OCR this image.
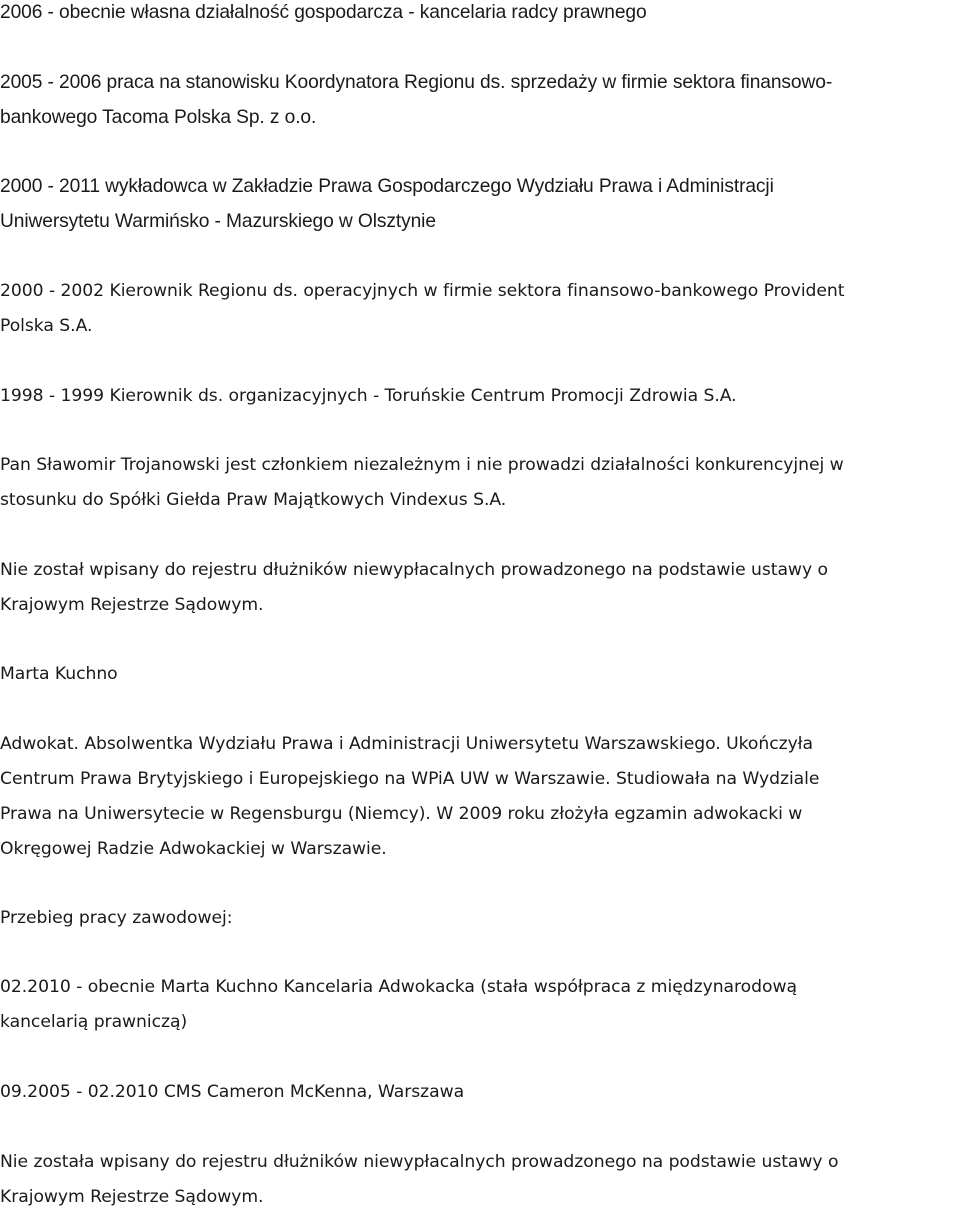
2006 - obecnie własna działalność gospodarcza - kancelaria radcy prawnego

2005 - 2006 praca na stanowisku Koordynatora Regionu ds. sprzedaży w firmie sektora finansowo-
bankowego Tacoma Polska Sp. z o.o.

2000 - 2011 wykładowca w Zakładzie Prawa Gospodarczego Wydziału Prawa i Administracji
Uniwersytetu Warmińsko - Mazurskiego w Olsztynie

2000 - 2002 Kierownik Regionu ds. operacyjnych w firmie sektora finansowo-bankowego Provident
Polska S.A.

1998 - 1999 Kierownik ds. organizacyjnych - Toruńskie Centrum Promocji Zdrowia S.A.

Pan Sławomir Trojanowski jest członkiem niezależnym i nie prowadzi działalności konkurencyjnej w
stosunku do Spółki Giełda Praw Majątkowych Vindexus S.A.

Nie został wpisany do rejestru dłużników niewypłacalnych prowadzonego na podstawie ustawy o
Krajowym Rejestrze Sądowym.

Marta Kuchno

Adwokat. Absolwentka Wydziału Prawa i Administracji Uniwersytetu Warszawskiego. Ukończyła
Centrum Prawa Brytyjskiego i Europejskiego na WPiA UW w Warszawie. Studiowała na Wydziale
Prawa na Uniwersytecie w Regensburgu (Niemcy). W 2009 roku złożyła egzamin adwokacki w
Okręgowej Radzie Adwokackiej w Warszawie.

Przebieg pracy zawodowej:

02.2010 - obecnie Marta Kuchno Kancelaria Adwokacka (stała współpraca z międzynarodową
kancelarią prawniczą)

09.2005 - 02.2010 CMS Cameron McKenna, Warszawa

Nie została wpisany do rejestru dłużników niewypłacalnych prowadzonego na podstawie ustawy o
Krajowym Rejestrze Sądowym.
